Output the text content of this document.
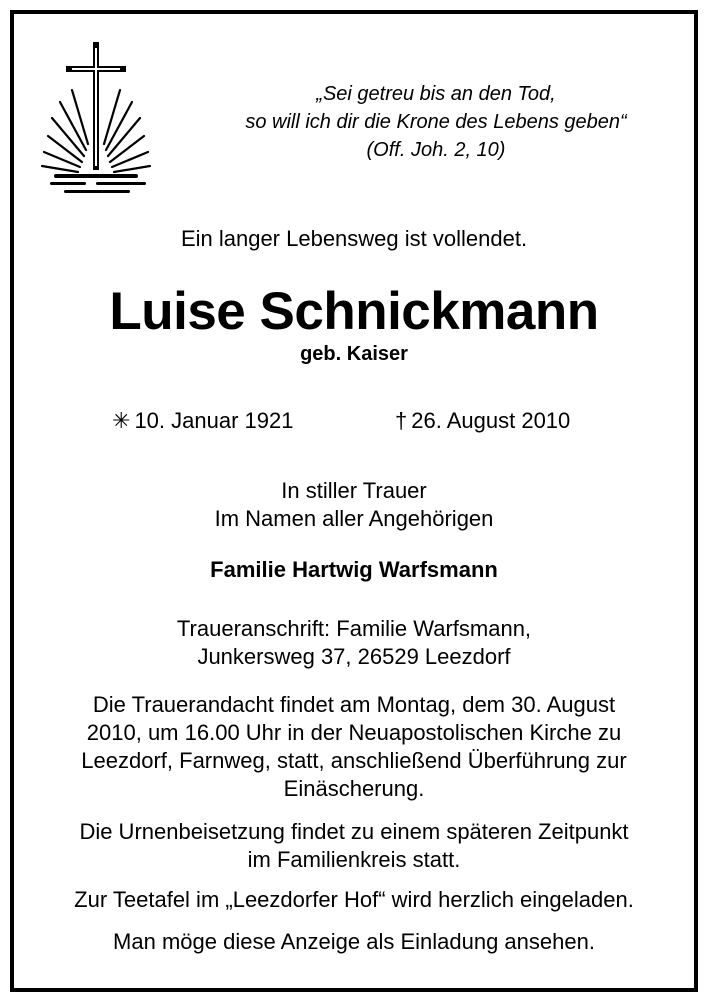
„Sei getreu bis an den Tod,
so will ich dir die Krone des Lebens geben“
(Off. Joh. 2, 10)
Ein langer Lebensweg ist vollendet.
Luise Schnickmann
geb. Kaiser
✳ 10. Januar 1921	† 26. August 2010
In stiller Trauer
Im Namen aller Angehörigen
Familie Hartwig Warfsmann
Traueranschrift: Familie Warfsmann,
Junkersweg 37, 26529 Leezdorf
Die Trauerandacht findet am Montag, dem 30. August
2010, um 16.00 Uhr in der Neuapostolischen Kirche zu
Leezdorf, Farnweg, statt, anschließend Überführung zur
Einäscherung.
Die Urnenbeisetzung findet zu einem späteren Zeitpunkt
im Familienkreis statt.
Zur Teetafel im „Leezdorfer Hof“ wird herzlich eingeladen.
Man möge diese Anzeige als Einladung ansehen.
